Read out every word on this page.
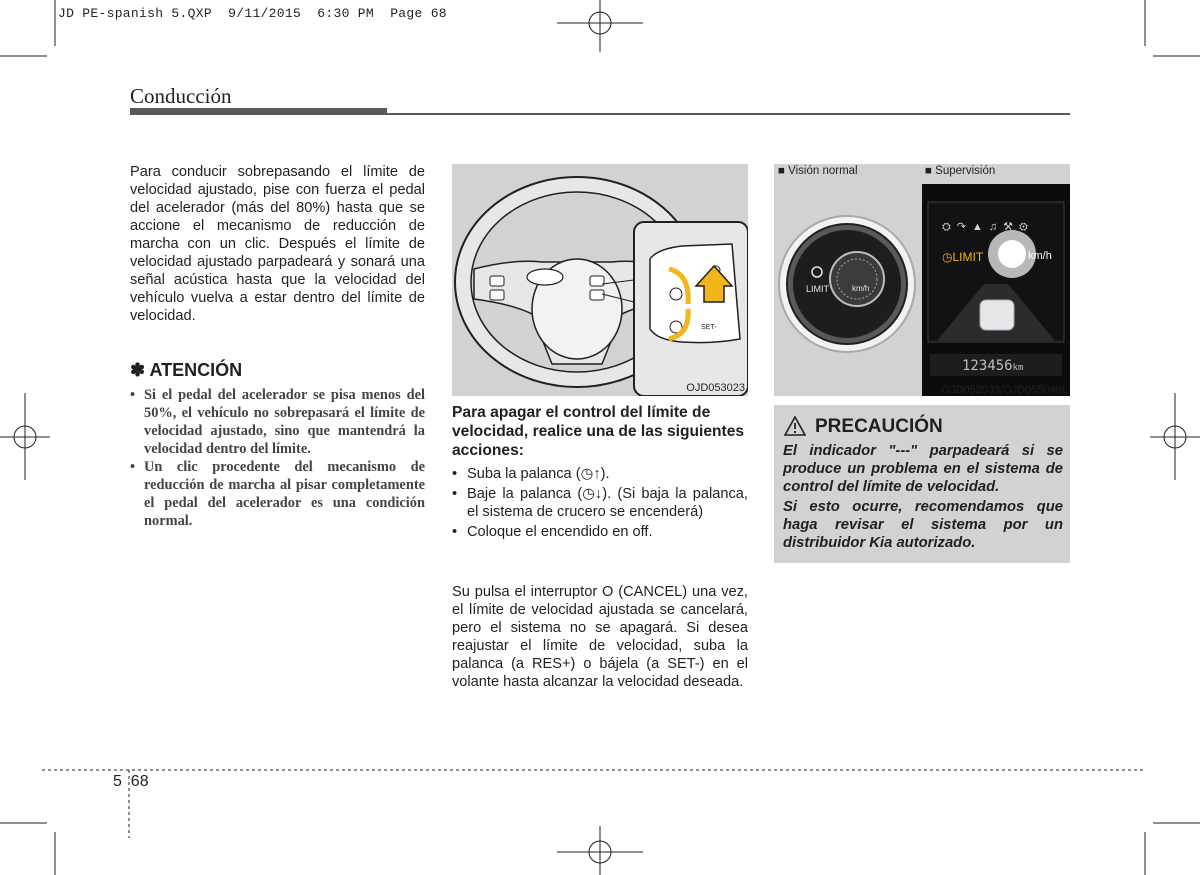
JD PE-spanish 5.QXP 9/11/2015 6:30 PM Page 68
Conducción
Para conducir sobrepasando el límite de velocidad ajustado, pise con fuerza el pedal del acelerador (más del 80%) hasta que se accione el mecanismo de reducción de marcha con un clic. Después el límite de velocidad ajustado parpadeará y sonará una señal acústica hasta que la velocidad del vehículo vuelva a estar dentro del límite de velocidad.
✽ ATENCIÓN
• Si el pedal del acelerador se pisa menos del 50%, el vehículo no sobrepasará el límite de velocidad ajustado, sino que mantendrá la velocidad dentro del límite.
• Un clic procedente del mecanismo de reducción de marcha al pisar completamente el pedal del acelerador es una condición normal.
SET-
OJD053023
Para apagar el control del límite de velocidad, realice una de las siguientes acciones:
• Suba la palanca (◷↑).
• Baje la palanca (◷↓). (Si baja la palanca, el sistema de crucero se encenderá)
• Coloque el encendido en off.
Su pulsa el interruptor O (CANCEL) una vez, el límite de velocidad ajustada se cancelará, pero el sistema no se apagará. Si desea reajustar el límite de velocidad, suba la palanca (a RES+) o bájela (a SET-) en el volante hasta alcanzar la velocidad deseada.
■ Visión normal	■ Supervisión
LIMIT	km/h
⛭↷▲♫⚒⚙
◷LIMIT	km/h
123456km
OJD052033/OJD055046L
PRECAUCIÓN

El indicador "---" parpadeará si se produce un problema en el sistema de control del límite de velocidad.

Si esto ocurre, recomendamos que haga revisar el sistema por un distribuidor Kia autorizado.

5 68
